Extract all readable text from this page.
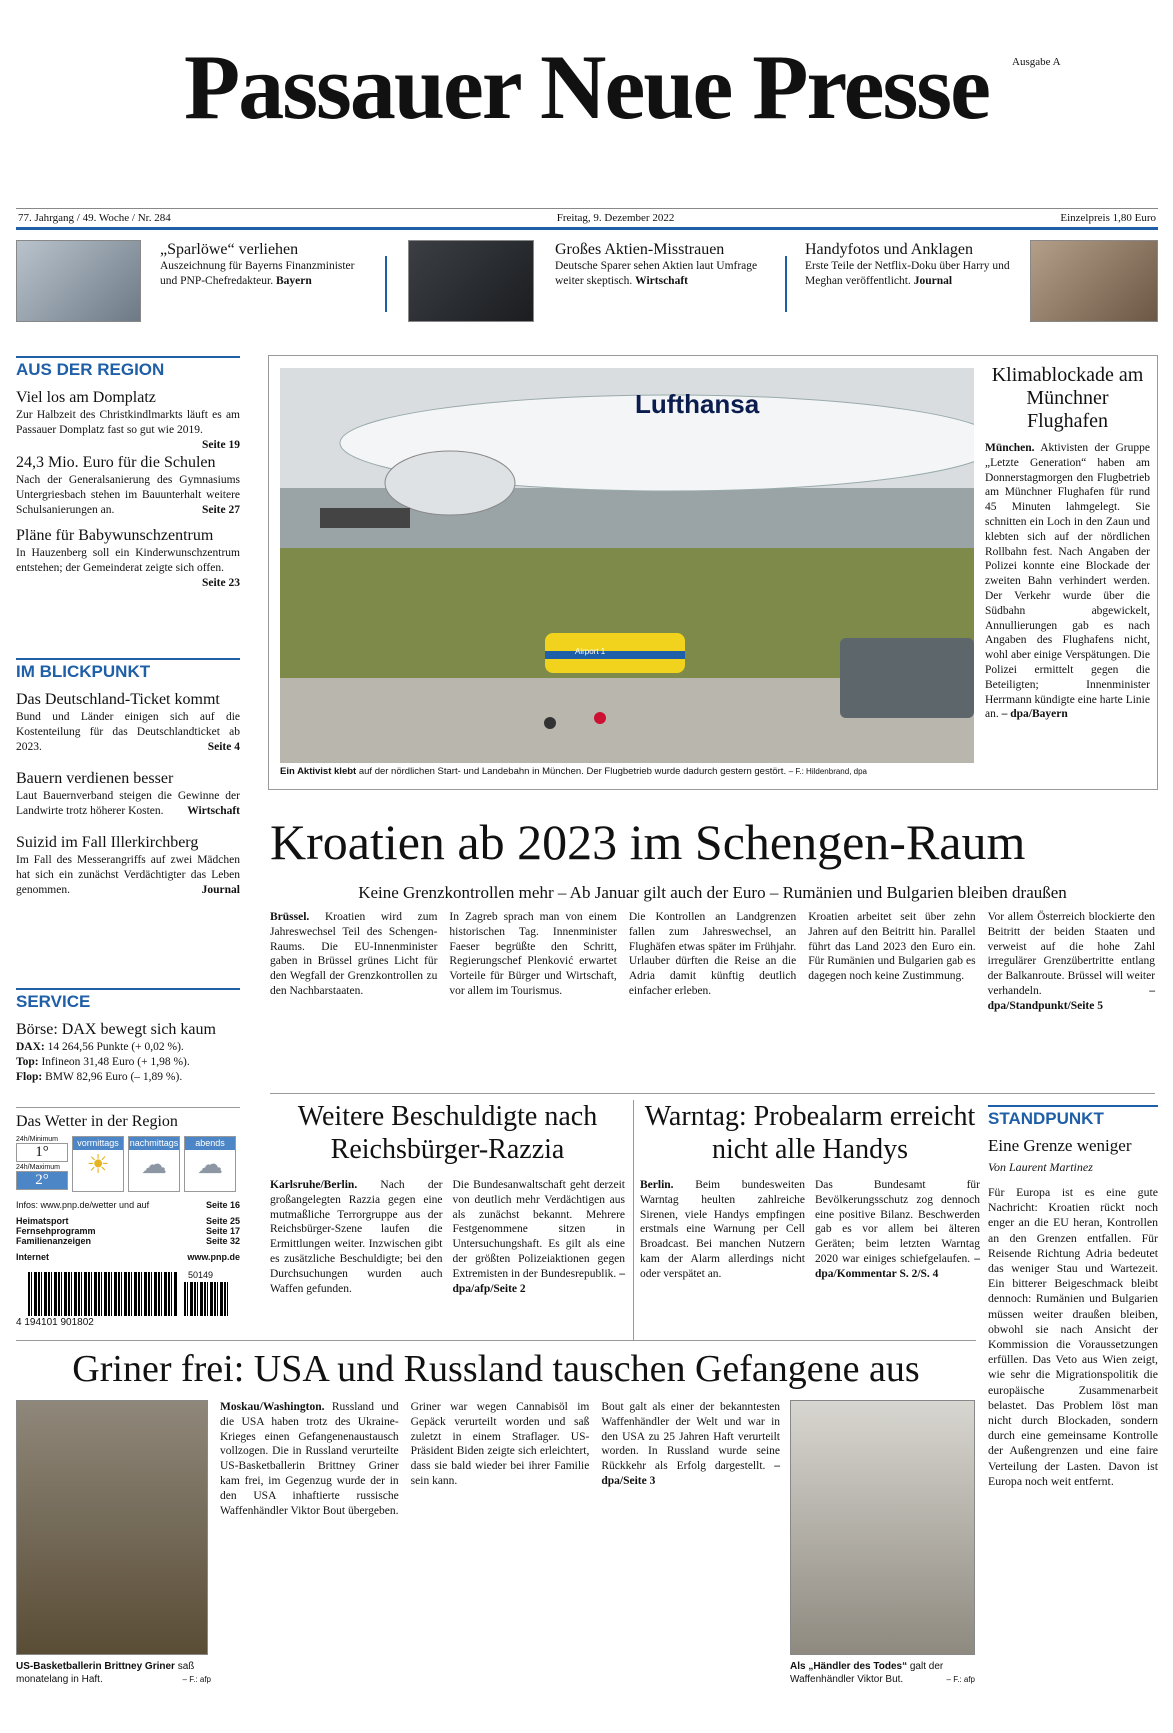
Passauer Neue Presse	Ausgabe A
77. Jahrgang / 49. Woche / Nr. 284	Freitag, 9. Dezember 2022	Einzelpreis 1,80 Euro
„Sparlöwe“ verliehen
Auszeichnung für Bayerns Finanzminister und PNP-Chefredakteur. Bayern
Großes Aktien-Misstrauen
Deutsche Sparer sehen Aktien laut Umfrage weiter skeptisch. Wirtschaft
Handyfotos und Anklagen
Erste Teile der Netflix-Doku über Harry und Meghan veröffentlicht. Journal
AUS DER REGION
Viel los am Domplatz
Zur Halbzeit des Christkindlmarkts läuft es am Passauer Domplatz fast so gut wie 2019.
Seite 19
24,3 Mio. Euro für die Schulen
Nach der Generalsanierung des Gymnasiums Untergriesbach stehen im Bauunterhalt weitere Schulsanierungen an.	Seite 27
Pläne für Babywunschzentrum
In Hauzenberg soll ein Kinderwunschzentrum entstehen; der Gemeinderat zeigte sich offen.
Seite 23
IM BLICKPUNKT
Das Deutschland-Ticket kommt
Bund und Länder einigen sich auf die Kostenteilung für das Deutschlandticket ab 2023.	Seite 4
Bauern verdienen besser
Laut Bauernverband steigen die Gewinne der Landwirte trotz höherer Kosten. Wirtschaft
Suizid im Fall Illerkirchberg
Im Fall des Messerangriffs auf zwei Mädchen hat sich ein zunächst Verdächtigter das Leben genommen.	Journal
SERVICE
Börse: DAX bewegt sich kaum
DAX: 14 264,56 Punkte (+ 0,02 %).
Top: Infineon 31,48 Euro (+ 1,98 %).
Flop: BMW 82,96 Euro (– 1,89 %).
Das Wetter in der Region
24h/Minimum
1°
24h/Maximum
2°
vormittags
☀
nachmittags
☁
abends
☁
Infos: www.pnp.de/wetter und auf	Seite 16
Heimatsport	Seite 25
Fernsehprogramm	Seite 17
Familienanzeigen	Seite 32
Internet	www.pnp.de
50149
4 194101 901802
Lufthansa
Airport 1
Ein Aktivist klebt auf der nördlichen Start- und Landebahn in München. Der Flugbetrieb wurde dadurch gestern gestört. – F.: Hildenbrand, dpa
Klimablockade am Münchner Flughafen
München. Aktivisten der Gruppe „Letzte Generation“ haben am Donnerstagmorgen den Flugbetrieb am Münchner Flughafen für rund 45 Minuten lahmgelegt. Sie schnitten ein Loch in den Zaun und klebten sich auf der nördlichen Rollbahn fest. Nach Angaben der Polizei konnte eine Blockade der zweiten Bahn verhindert werden. Der Verkehr wurde über die Südbahn abgewickelt, Annullierungen gab es nach Angaben des Flughafens nicht, wohl aber einige Verspätungen. Die Polizei ermittelt gegen die Beteiligten; Innenminister Herrmann kündigte eine harte Linie an. – dpa/Bayern
Kroatien ab 2023 im Schengen-Raum
Keine Grenzkontrollen mehr – Ab Januar gilt auch der Euro – Rumänien und Bulgarien bleiben draußen
Brüssel. Kroatien wird zum Jahreswechsel Teil des Schengen-Raums. Die EU-Innenminister gaben in Brüssel grünes Licht für den Wegfall der Grenzkontrollen zu den Nachbarstaaten.
In Zagreb sprach man von einem historischen Tag. Innenminister Faeser begrüßte den Schritt, Regierungschef Plenković erwartet Vorteile für Bürger und Wirtschaft, vor allem im Tourismus.
Die Kontrollen an Landgrenzen fallen zum Jahreswechsel, an Flughäfen etwas später im Frühjahr. Urlauber dürften die Reise an die Adria damit künftig deutlich einfacher erleben.
Kroatien arbeitet seit über zehn Jahren auf den Beitritt hin. Parallel führt das Land 2023 den Euro ein. Für Rumänien und Bulgarien gab es dagegen noch keine Zustimmung.
Vor allem Österreich blockierte den Beitritt der beiden Staaten und verweist auf die hohe Zahl irregulärer Grenzübertritte entlang der Balkanroute. Brüssel will weiter verhandeln.	– dpa/Standpunkt/Seite 5
Weitere Beschuldigte nach Reichsbürger-Razzia
Karlsruhe/Berlin. Nach der großangelegten Razzia gegen eine mutmaßliche Terrorgruppe aus der Reichsbürger-Szene laufen die Ermittlungen weiter. Inzwischen gibt es zusätzliche Beschuldigte; bei den Durchsuchungen wurden auch Waffen gefunden.
Die Bundesanwaltschaft geht derzeit von deutlich mehr Verdächtigen aus als zunächst bekannt. Mehrere Festgenommene sitzen in Untersuchungshaft. Es gilt als eine der größten Polizeiaktionen gegen Extremisten in der Bundesrepublik. – dpa/afp/Seite 2
Warntag: Probealarm erreicht nicht alle Handys
Berlin. Beim bundesweiten Warntag heulten zahlreiche Sirenen, viele Handys empfingen erstmals eine Warnung per Cell Broadcast. Bei manchen Nutzern kam der Alarm allerdings nicht oder verspätet an.
Das Bundesamt für Bevölkerungsschutz zog dennoch eine positive Bilanz. Beschwerden gab es vor allem bei älteren Geräten; beim letzten Warntag 2020 war einiges schiefgelaufen. – dpa/Kommentar S. 2/S. 4
STANDPUNKT
Eine Grenze weniger
Von Laurent Martinez
Für Europa ist es eine gute Nachricht: Kroatien rückt noch enger an die EU heran, Kontrollen an den Grenzen entfallen. Für Reisende Richtung Adria bedeutet das weniger Stau und Wartezeit. Ein bitterer Beigeschmack bleibt dennoch: Rumänien und Bulgarien müssen weiter draußen bleiben, obwohl sie nach Ansicht der Kommission die Voraussetzungen erfüllen. Das Veto aus Wien zeigt, wie sehr die Migrationspolitik die europäische Zusammenarbeit belastet. Das Problem löst man nicht durch Blockaden, sondern durch eine gemeinsame Kontrolle der Außengrenzen und eine faire Verteilung der Lasten. Davon ist Europa noch weit entfernt.
Griner frei: USA und Russland tauschen Gefangene aus
US-Basketballerin Brittney Griner saß monatelang in Haft.	– F.: afp
Moskau/Washington. Russland und die USA haben trotz des Ukraine-Krieges einen Gefangenenaustausch vollzogen. Die in Russland verurteilte US-Basketballerin Brittney Griner kam frei, im Gegenzug wurde der in den USA inhaftierte russische Waffenhändler Viktor Bout übergeben.
Griner war wegen Cannabisöl im Gepäck verurteilt worden und saß zuletzt in einem Straflager. US-Präsident Biden zeigte sich erleichtert, dass sie bald wieder bei ihrer Familie sein kann.
Bout galt als einer der bekanntesten Waffenhändler der Welt und war in den USA zu 25 Jahren Haft verurteilt worden. In Russland wurde seine Rückkehr als Erfolg dargestellt. – dpa/Seite 3
Als „Händler des Todes“ galt der Waffenhändler Viktor But.	– F.: afp
